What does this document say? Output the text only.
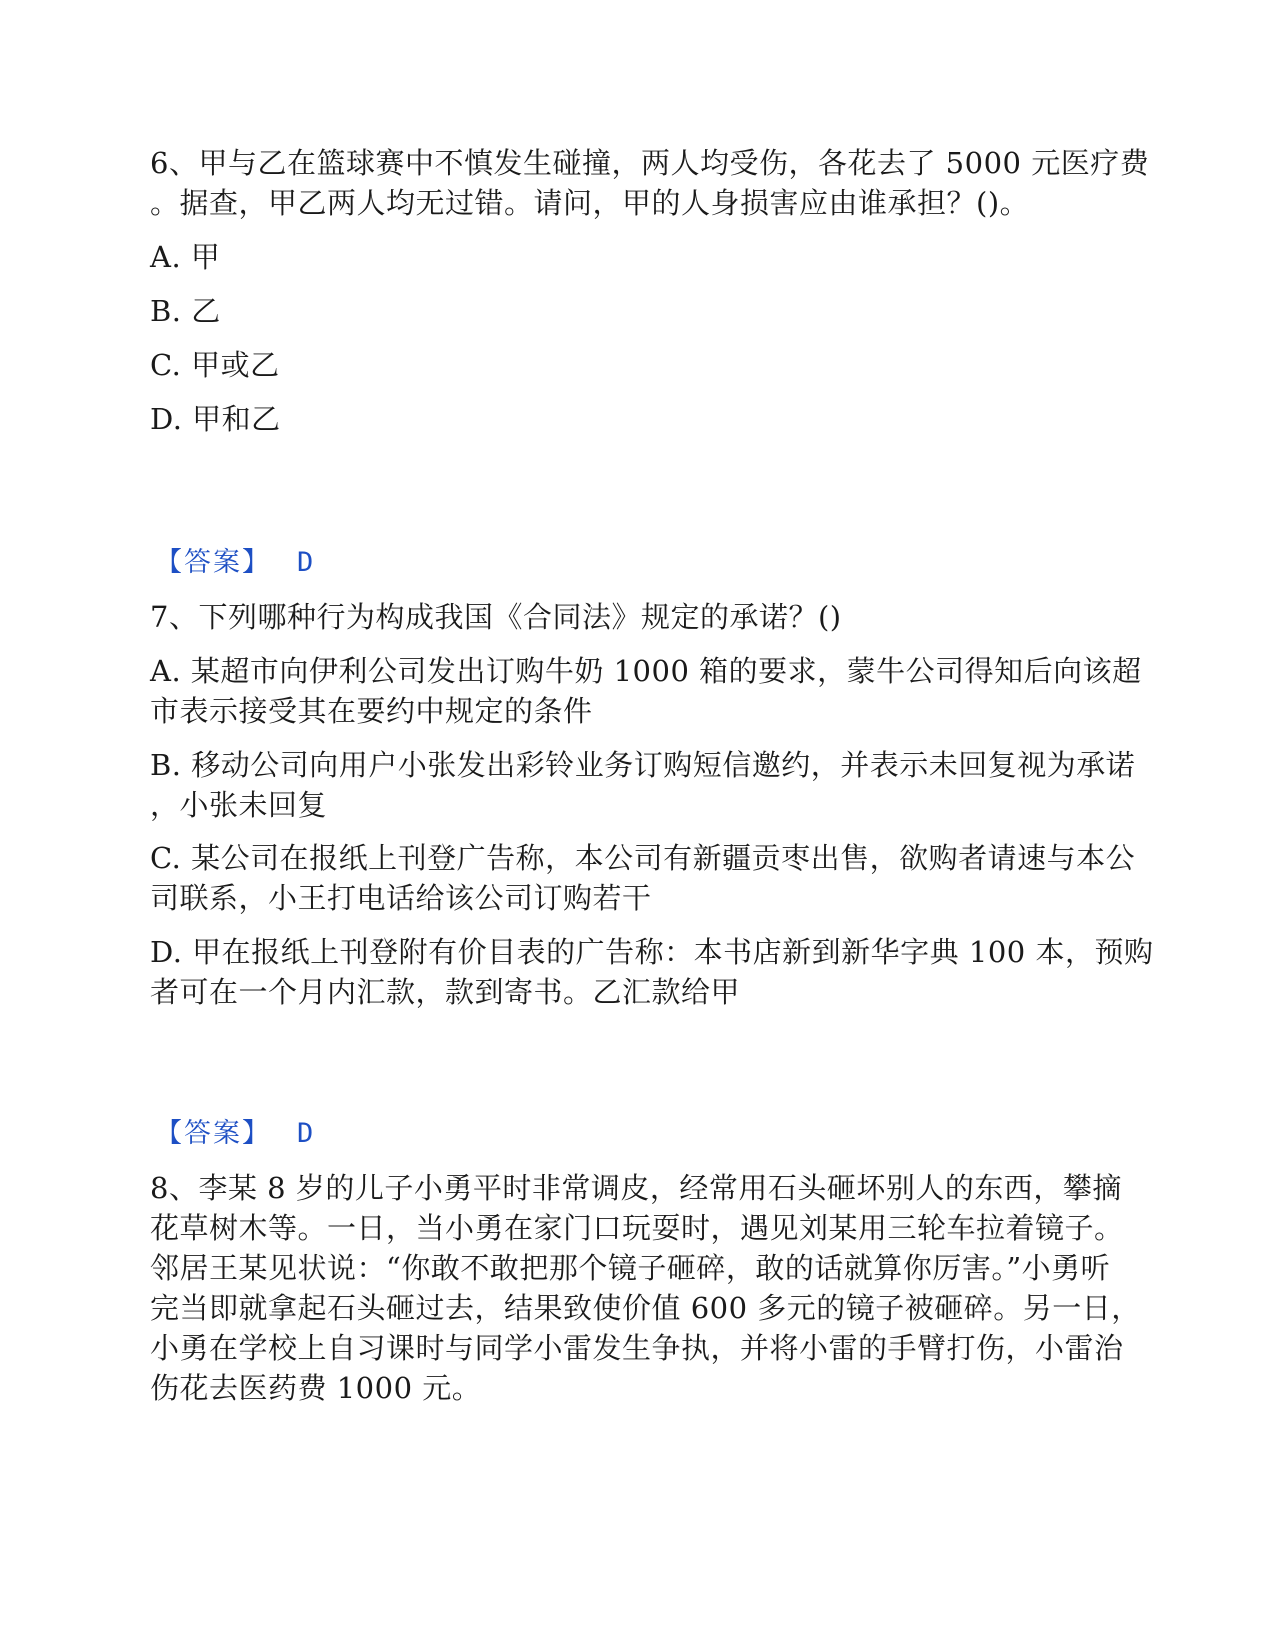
6、甲与乙在篮球赛中不慎发生碰撞，两人均受伤，各花去了 5000 元医疗费
。据查，甲乙两人均无过错。请问，甲的人身损害应由谁承担？()。
A. 甲
B. 乙
C. 甲或乙
D. 甲和乙
【答案】 D
7、下列哪种行为构成我国《合同法》规定的承诺？()
A. 某超市向伊利公司发出订购牛奶 1000 箱的要求，蒙牛公司得知后向该超
市表示接受其在要约中规定的条件
B. 移动公司向用户小张发出彩铃业务订购短信邀约，并表示未回复视为承诺
，小张未回复
C. 某公司在报纸上刊登广告称，本公司有新疆贡枣出售，欲购者请速与本公
司联系，小王打电话给该公司订购若干
D. 甲在报纸上刊登附有价目表的广告称：本书店新到新华字典 100 本，预购
者可在一个月内汇款，款到寄书。乙汇款给甲
【答案】 D
8、李某 8 岁的儿子小勇平时非常调皮，经常用石头砸坏别人的东西，攀摘
花草树木等。一日，当小勇在家门口玩耍时，遇见刘某用三轮车拉着镜子。
邻居王某见状说：“你敢不敢把那个镜子砸碎，敢的话就算你厉害。”小勇听
完当即就拿起石头砸过去，结果致使价值 600 多元的镜子被砸碎。另一日，
小勇在学校上自习课时与同学小雷发生争执，并将小雷的手臂打伤，小雷治
伤花去医药费 1000 元。
